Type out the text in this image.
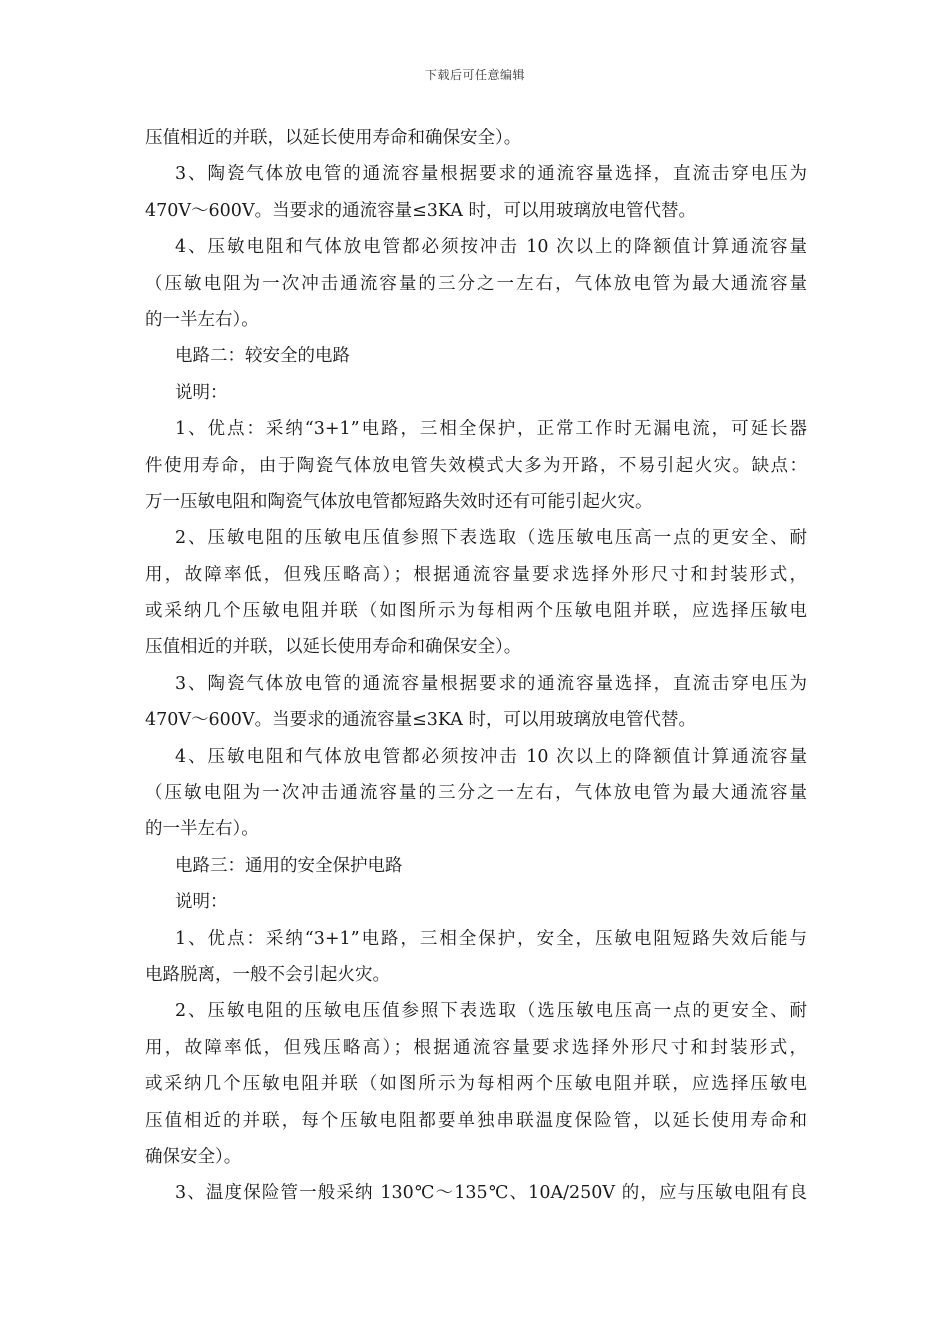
下载后可任意编辑
压值相近的并联，以延长使用寿命和确保安全）。
3、陶瓷气体放电管的通流容量根据要求的通流容量选择，直流击穿电压为
470V～600V。当要求的通流容量≤3KA 时，可以用玻璃放电管代替。
4、压敏电阻和气体放电管都必须按冲击 10 次以上的降额值计算通流容量
（压敏电阻为一次冲击通流容量的三分之一左右，气体放电管为最大通流容量
的一半左右）。
电路二：较安全的电路
说明：
1、优点：采纳“3+1”电路，三相全保护，正常工作时无漏电流，可延长器
件使用寿命，由于陶瓷气体放电管失效模式大多为开路，不易引起火灾。缺点：
万一压敏电阻和陶瓷气体放电管都短路失效时还有可能引起火灾。
2、压敏电阻的压敏电压值参照下表选取（选压敏电压高一点的更安全、耐
用，故障率低，但残压略高）；根据通流容量要求选择外形尺寸和封装形式，
或采纳几个压敏电阻并联（如图所示为每相两个压敏电阻并联，应选择压敏电
压值相近的并联，以延长使用寿命和确保安全）。
3、陶瓷气体放电管的通流容量根据要求的通流容量选择，直流击穿电压为
470V～600V。当要求的通流容量≤3KA 时，可以用玻璃放电管代替。
4、压敏电阻和气体放电管都必须按冲击 10 次以上的降额值计算通流容量
（压敏电阻为一次冲击通流容量的三分之一左右，气体放电管为最大通流容量
的一半左右）。
电路三：通用的安全保护电路
说明：
1、优点：采纳“3+1”电路，三相全保护，安全，压敏电阻短路失效后能与
电路脱离，一般不会引起火灾。
2、压敏电阻的压敏电压值参照下表选取（选压敏电压高一点的更安全、耐
用，故障率低，但残压略高）；根据通流容量要求选择外形尺寸和封装形式，
或采纳几个压敏电阻并联（如图所示为每相两个压敏电阻并联，应选择压敏电
压值相近的并联，每个压敏电阻都要单独串联温度保险管，以延长使用寿命和
确保安全）。
3、温度保险管一般采纳 130℃～135℃、10A/250V 的，应与压敏电阻有良
